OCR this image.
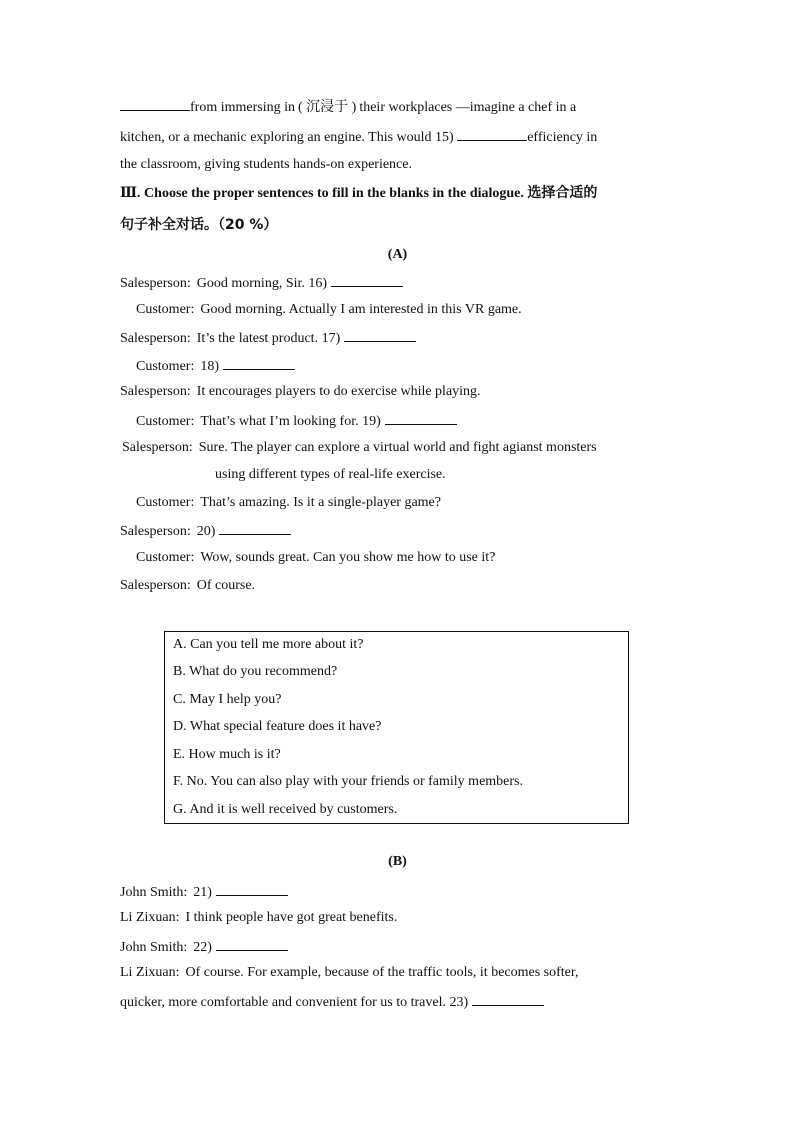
from immersing in ( 沉浸于 ) their workplaces —imagine a chef in a
kitchen, or a mechanic exploring an engine. This would 15)	efficiency in
the classroom, giving students hands-on experience.
Ⅲ. Choose the proper sentences to fill in the blanks in the dialogue. 选择合适的
句子补全对话。（20 %）
(A)
Salesperson: Good morning, Sir. 16)
Customer: Good morning. Actually I am interested in this VR game.
Salesperson: It’s the latest product. 17)
Customer: 18)
Salesperson: It encourages players to do exercise while playing.
Customer: That’s what I’m looking for. 19)
Salesperson: Sure. The player can explore a virtual world and fight agianst monsters
using different types of real-life exercise.
Customer: That’s amazing. Is it a single-player game?
Salesperson: 20)
Customer: Wow, sounds great. Can you show me how to use it?
Salesperson: Of course.
A. Can you tell me more about it?
B. What do you recommend?
C. May I help you?
D. What special feature does it have?
E. How much is it?
F. No. You can also play with your friends or family members.
G. And it is well received by customers.
(B)
John Smith: 21)
Li Zixuan: I think people have got great benefits.
John Smith: 22)
Li Zixuan: Of course. For example, because of the traffic tools, it becomes softer,
quicker, more comfortable and convenient for us to travel. 23)
